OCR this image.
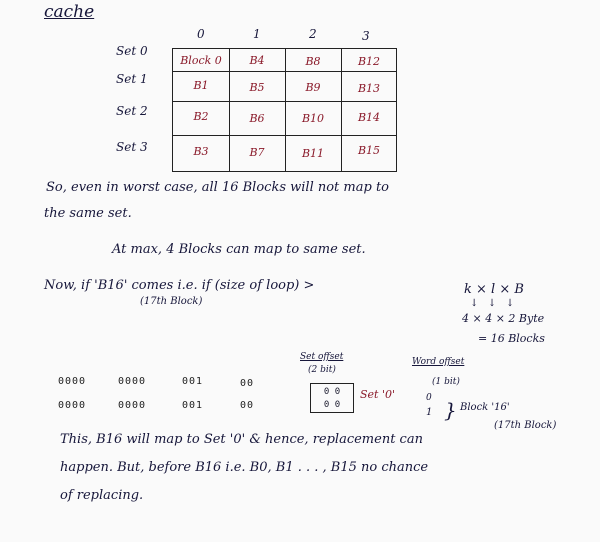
cache
0	1	2	3
Set 0
Set 1
Set 2
Set 3
Block 0	B4	B8	B12
B1	B5	B9	B13
B2	B6	B10	B14
B3	B7	B11	B15
So, even in worst case, all 16 Blocks will not map to
the same set.
At max, 4 Blocks can map to same set.
Now, if 'B16' comes i.e. if (size of loop) >
(17th Block)
k × l × B
↓   ↓   ↓
4 × 4 × 2 Byte
= 16 Blocks
Set offset
(2 bit)
Word offset
(1 bit)
0000	0000	001	00
0000	0000	001	00
0 0
0 0
Set '0'	0
1 } Block '16'
(17th Block)
This, B16 will map to Set '0' & hence, replacement can
happen. But, before B16 i.e. B0, B1 . . . , B15 no chance
of replacing.
